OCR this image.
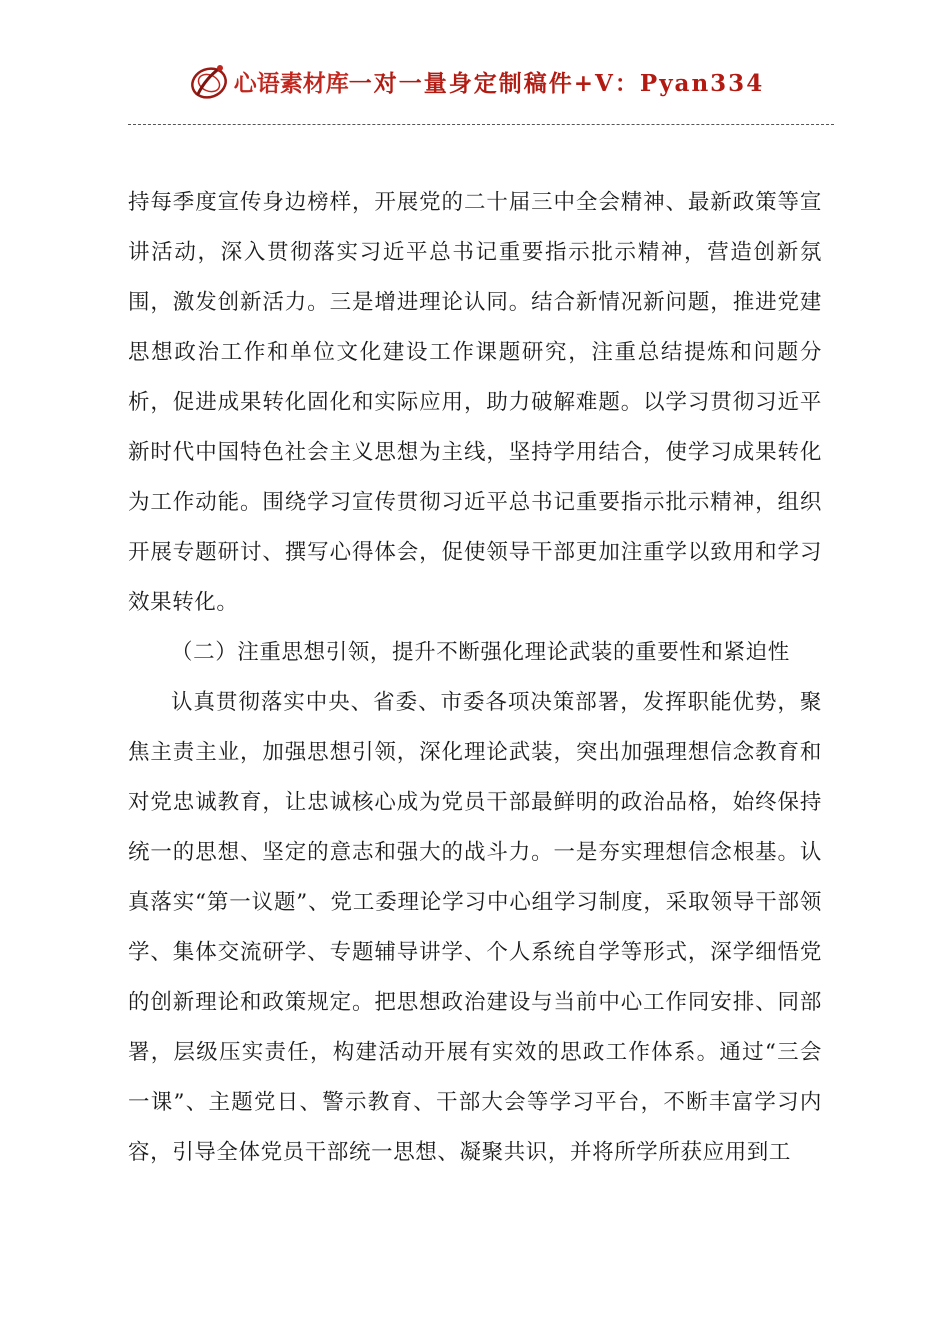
心语素材库 一对一量身定制稿件+V：Pyan334

持每季度宣传身边榜样，开展党的二十届三中全会精神、最新政策等宣讲活动，深入贯彻落实习近平总书记重要指示批示精神，营造创新氛围，激发创新活力。三是增进理论认同。结合新情况新问题，推进党建思想政治工作和单位文化建设工作课题研究，注重总结提炼和问题分析，促进成果转化固化和实际应用，助力破解难题。以学习贯彻习近平新时代中国特色社会主义思想为主线，坚持学用结合，使学习成果转化为工作动能。围绕学习宣传贯彻习近平总书记重要指示批示精神，组织开展专题研讨、撰写心得体会，促使领导干部更加注重学以致用和学习效果转化。

（二）注重思想引领，提升不断强化理论武装的重要性和紧迫性

认真贯彻落实中央、省委、市委各项决策部署，发挥职能优势，聚焦主责主业，加强思想引领，深化理论武装，突出加强理想信念教育和对党忠诚教育，让忠诚核心成为党员干部最鲜明的政治品格，始终保持统一的思想、坚定的意志和强大的战斗力。一是夯实理想信念根基。认真落实“第一议题”、党工委理论学习中心组学习制度，采取领导干部领学、集体交流研学、专题辅导讲学、个人系统自学等形式，深学细悟党的创新理论和政策规定。把思想政治建设与当前中心工作同安排、同部署，层级压实责任，构建活动开展有实效的思政工作体系。通过“三会一课”、主题党日、警示教育、干部大会等学习平台，不断丰富学习内容，引导全体党员干部统一思想、凝聚共识，并将所学所获应用到工
